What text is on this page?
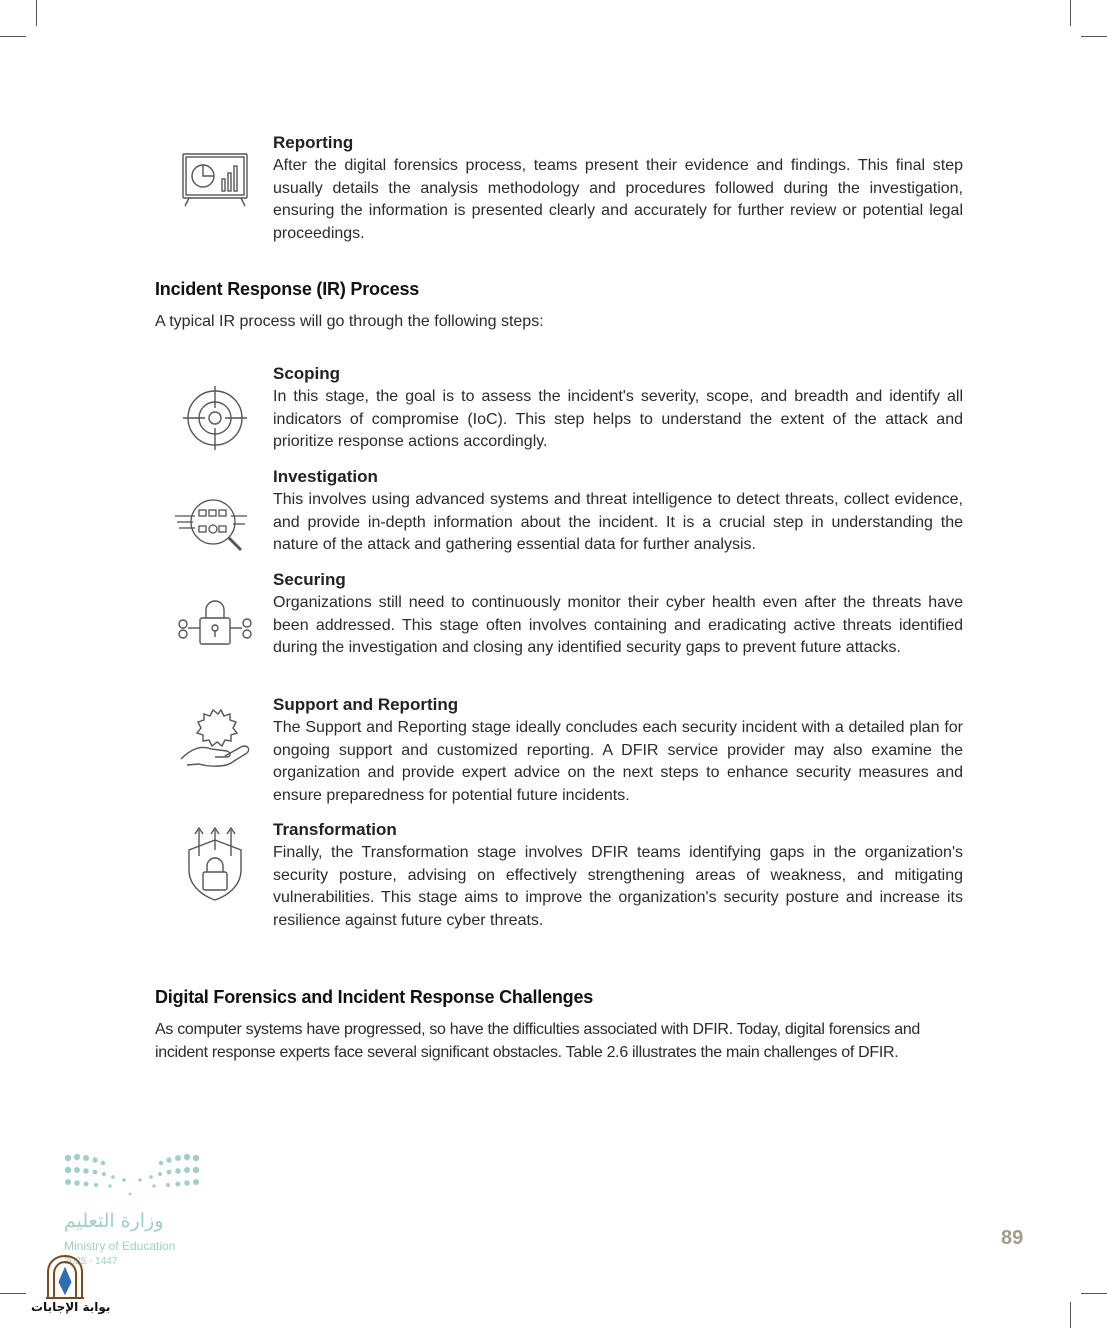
Reporting

After the digital forensics process, teams present their evidence and findings. This final step usually details the analysis methodology and procedures followed during the investigation, ensuring the information is presented clearly and accurately for further review or potential legal proceedings.

Incident Response (IR) Process

A typical IR process will go through the following steps:

Scoping

In this stage, the goal is to assess the incident's severity, scope, and breadth and identify all indicators of compromise (IoC). This step helps to understand the extent of the attack and prioritize response actions accordingly.

Investigation

This involves using advanced systems and threat intelligence to detect threats, collect evidence, and provide in-depth information about the incident. It is a crucial step in understanding the nature of the attack and gathering essential data for further analysis.

Securing

Organizations still need to continuously monitor their cyber health even after the threats have been addressed. This stage often involves containing and eradicating active threats identified during the investigation and closing any identified security gaps to prevent future attacks.

Support and Reporting

The Support and Reporting stage ideally concludes each security incident with a detailed plan for ongoing support and customized reporting. A DFIR service provider may also examine the organization and provide expert advice on the next steps to enhance security measures and ensure preparedness for potential future incidents.

Transformation

Finally, the Transformation stage involves DFIR teams identifying gaps in the organization's security posture, advising on effectively strengthening areas of weakness, and mitigating vulnerabilities. This stage aims to improve the organization's security posture and increase its resilience against future cyber threats.

Digital Forensics and Incident Response Challenges

As computer systems have progressed, so have the difficulties associated with DFIR. Today, digital forensics and incident response experts face several significant obstacles. Table 2.6 illustrates the main challenges of DFIR.

وزارة التعليم
Ministry of Education
2025 - 1447
بوابة الإجابات
89
